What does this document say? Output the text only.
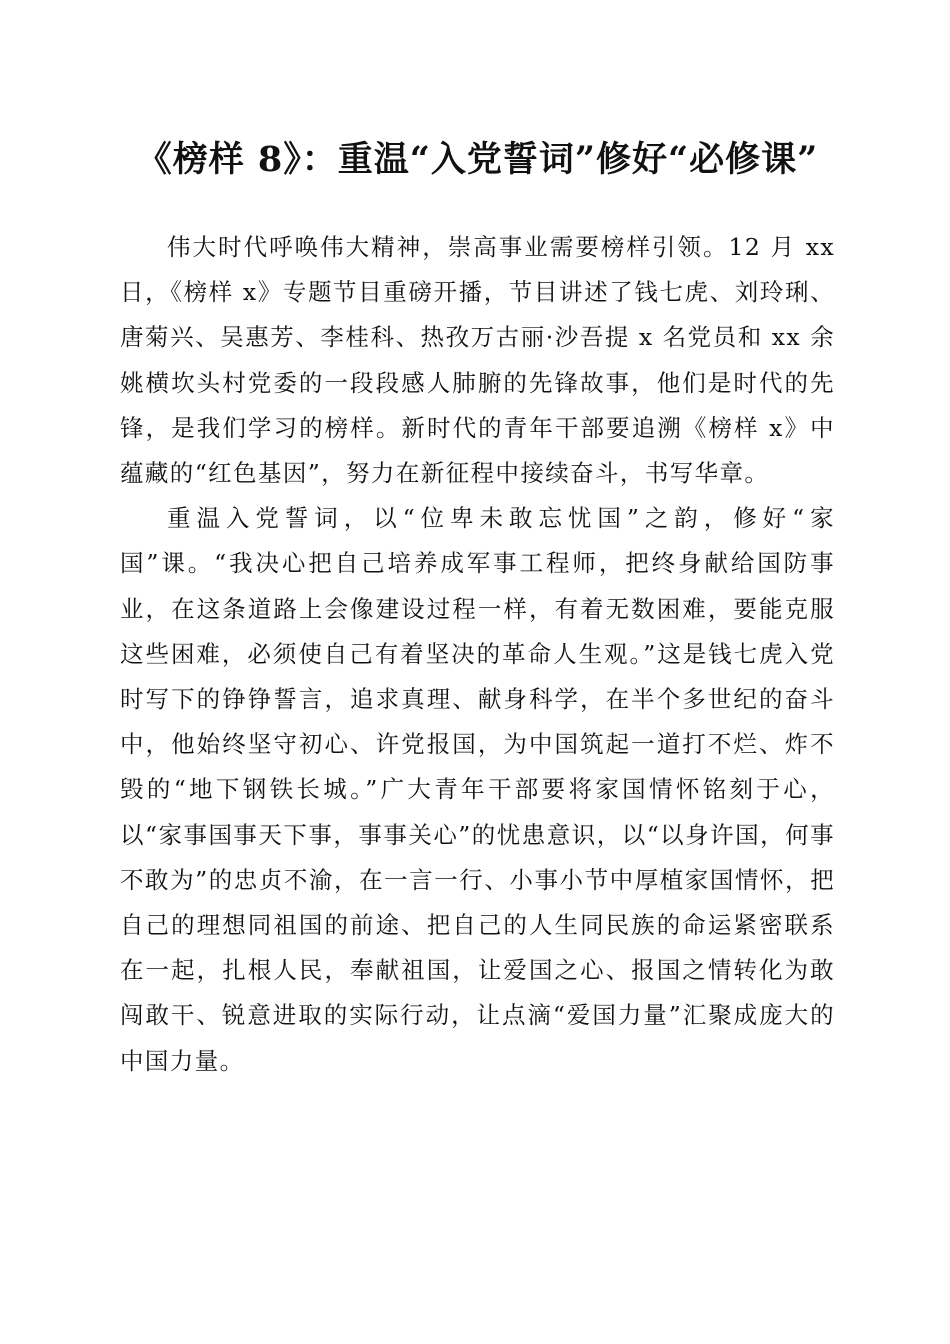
《榜样 8》：重温“入党誓词”修好“必修课”

伟大时代呼唤伟大精神，崇高事业需要榜样引领。12 月 xx 日，《榜样 x》专题节目重磅开播，节目讲述了钱七虎、刘玲琍、唐菊兴、吴惠芳、李桂科、热孜万古丽·沙吾提 x 名党员和 xx 余姚横坎头村党委的一段段感人肺腑的先锋故事，他们是时代的先锋，是我们学习的榜样。新时代的青年干部要追溯《榜样 x》中蕴藏的“红色基因”，努力在新征程中接续奋斗，书写华章。

重温入党誓词，以“位卑未敢忘忧国”之韵，修好“家国”课。“我决心把自己培养成军事工程师，把终身献给国防事业，在这条道路上会像建设过程一样，有着无数困难，要能克服这些困难，必须使自己有着坚决的革命人生观。”这是钱七虎入党时写下的铮铮誓言，追求真理、献身科学，在半个多世纪的奋斗中，他始终坚守初心、许党报国，为中国筑起一道打不烂、炸不毁的“地下钢铁长城。”广大青年干部要将家国情怀铭刻于心，以“家事国事天下事，事事关心”的忧患意识，以“以身许国，何事不敢为”的忠贞不渝，在一言一行、小事小节中厚植家国情怀，把自己的理想同祖国的前途、把自己的人生同民族的命运紧密联系在一起，扎根人民，奉献祖国，让爱国之心、报国之情转化为敢闯敢干、锐意进取的实际行动，让点滴“爱国力量”汇聚成庞大的中国力量。
